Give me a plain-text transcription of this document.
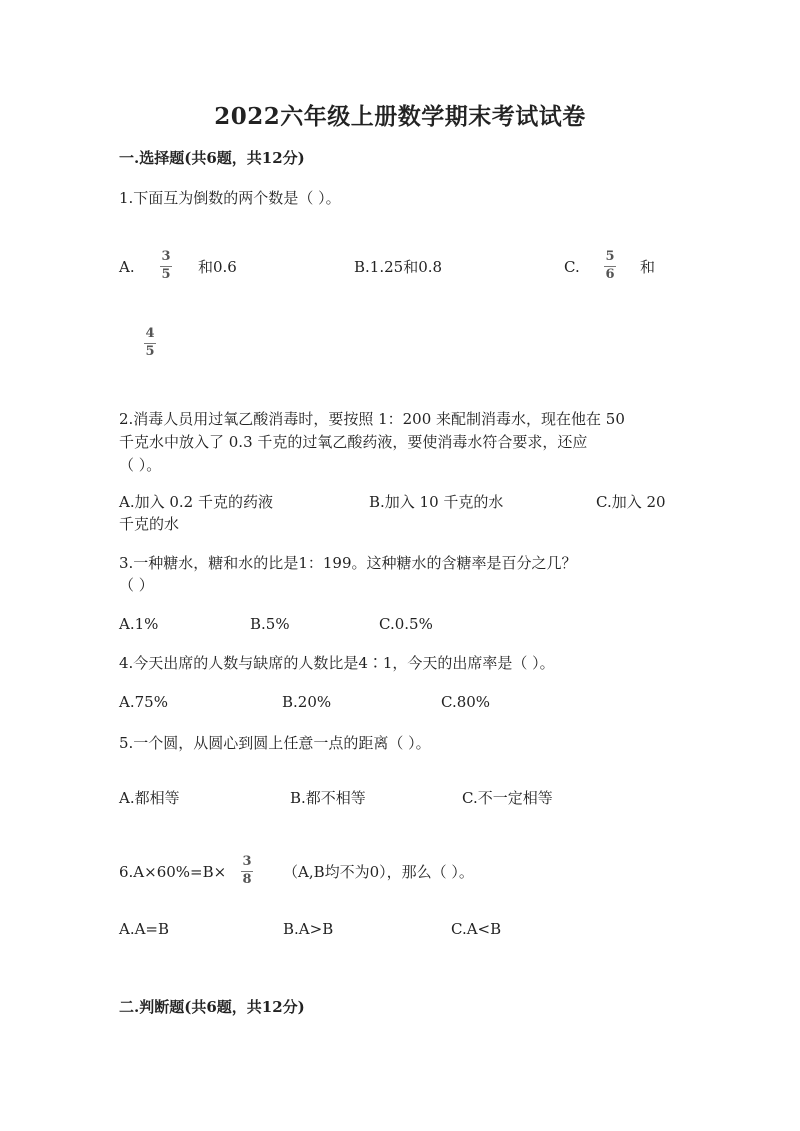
2022六年级上册数学期末考试试卷
一.选择题(共6题，共12分)
1.下面互为倒数的两个数是（ ）。
A.
3
5 和0.6	B.1.25和0.8	C.
5
6 和
4
5
2.消毒人员用过氧乙酸消毒时，要按照 1：200 来配制消毒水，现在他在 50
千克水中放入了 0.3 千克的过氧乙酸药液，要使消毒水符合要求，还应
（ ）。
A.加入 0.2 千克的药液	B.加入 10 千克的水	C.加入 20
千克的水
3.一种糖水，糖和水的比是1：199。这种糖水的含糖率是百分之几？
（ ）
A.1%	B.5%	C.0.5%
4.今天出席的人数与缺席的人数比是4∶1，今天的出席率是（ ）。
A.75%	B.20%	C.80%
5.一个圆，从圆心到圆上任意一点的距离（ ）。
A.都相等	B.都不相等	C.不一定相等
6.A×60%=B×
3
8 （A,B均不为0），那么（ ）。
A.A=B	B.A>B	C.A<B
二.判断题(共6题，共12分)
